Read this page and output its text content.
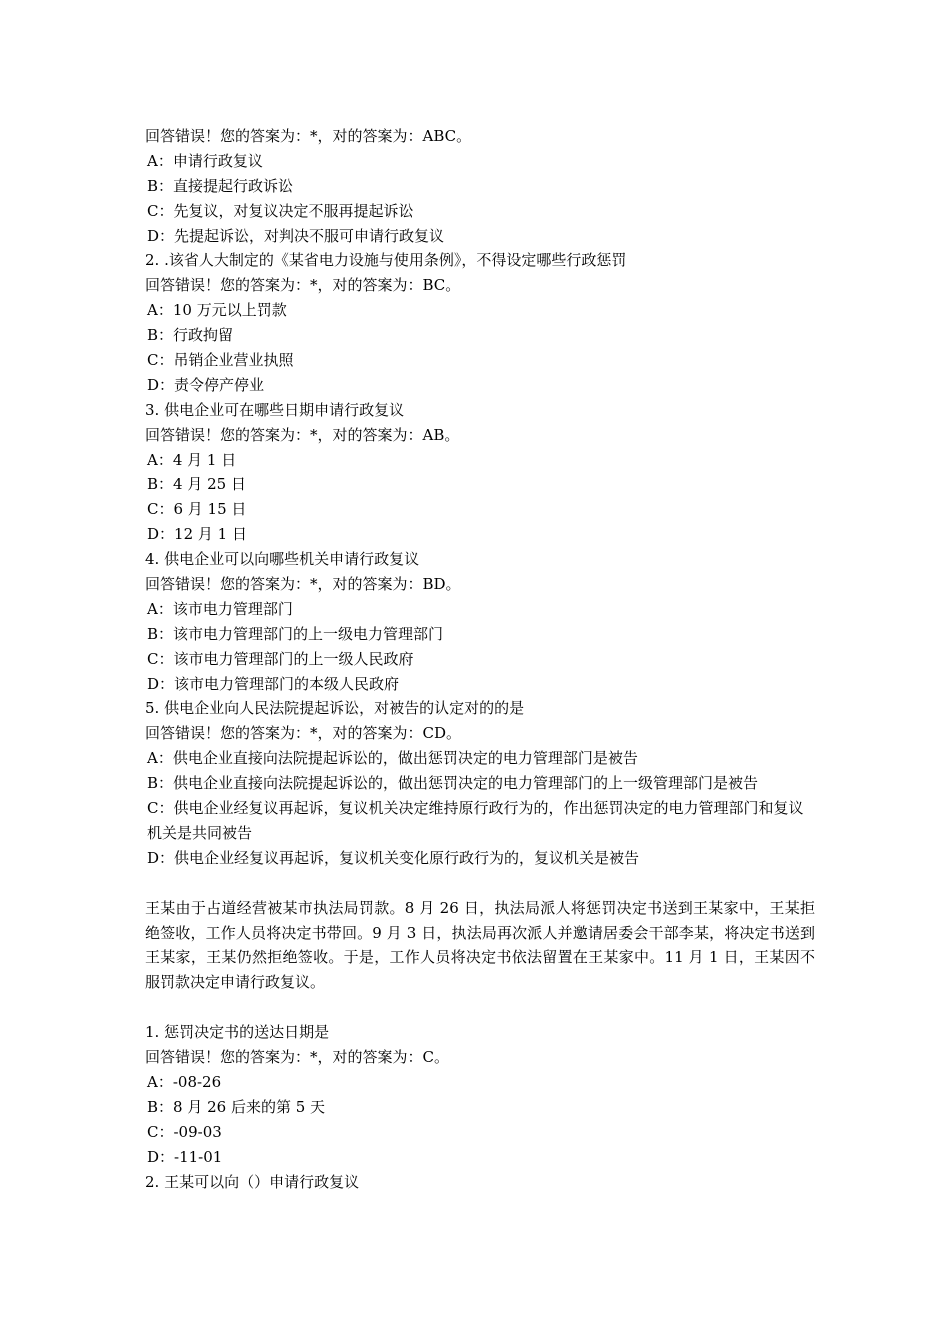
回答错误！您的答案为：*，对的答案为：ABC。
A：申请行政复议
B：直接提起行政诉讼
C：先复议，对复议决定不服再提起诉讼
D：先提起诉讼，对判决不服可申请行政复议
2. .该省人大制定的《某省电力设施与使用条例》，不得设定哪些行政惩罚
回答错误！您的答案为：*，对的答案为：BC。
A：10 万元以上罚款
B：行政拘留
C：吊销企业营业执照
D：责令停产停业
3. 供电企业可在哪些日期申请行政复议
回答错误！您的答案为：*，对的答案为：AB。
A：4 月 1 日
B：4 月 25 日
C：6 月 15 日
D：12 月 1 日
4. 供电企业可以向哪些机关申请行政复议
回答错误！您的答案为：*，对的答案为：BD。
A：该市电力管理部门
B：该市电力管理部门的上一级电力管理部门
C：该市电力管理部门的上一级人民政府
D：该市电力管理部门的本级人民政府
5. 供电企业向人民法院提起诉讼，对被告的认定对的的是
回答错误！您的答案为：*，对的答案为：CD。
A：供电企业直接向法院提起诉讼的，做出惩罚决定的电力管理部门是被告
B：供电企业直接向法院提起诉讼的，做出惩罚决定的电力管理部门的上一级管理部门是被告
C：供电企业经复议再起诉，复议机关决定维持原行政行为的，作出惩罚决定的电力管理部门和复议机关是共同被告
D：供电企业经复议再起诉，复议机关变化原行政行为的，复议机关是被告
王某由于占道经营被某市执法局罚款。8 月 26 日，执法局派人将惩罚决定书送到王某家中，王某拒绝签收，工作人员将决定书带回。9 月 3 日，执法局再次派人并邀请居委会干部李某，将决定书送到王某家，王某仍然拒绝签收。于是，工作人员将决定书依法留置在王某家中。11 月 1 日，王某因不服罚款决定申请行政复议。
1. 惩罚决定书的送达日期是
回答错误！您的答案为：*，对的答案为：C。
A：-08-26
B：8 月 26 后来的第 5 天
C：-09-03
D：-11-01
2. 王某可以向（）申请行政复议
